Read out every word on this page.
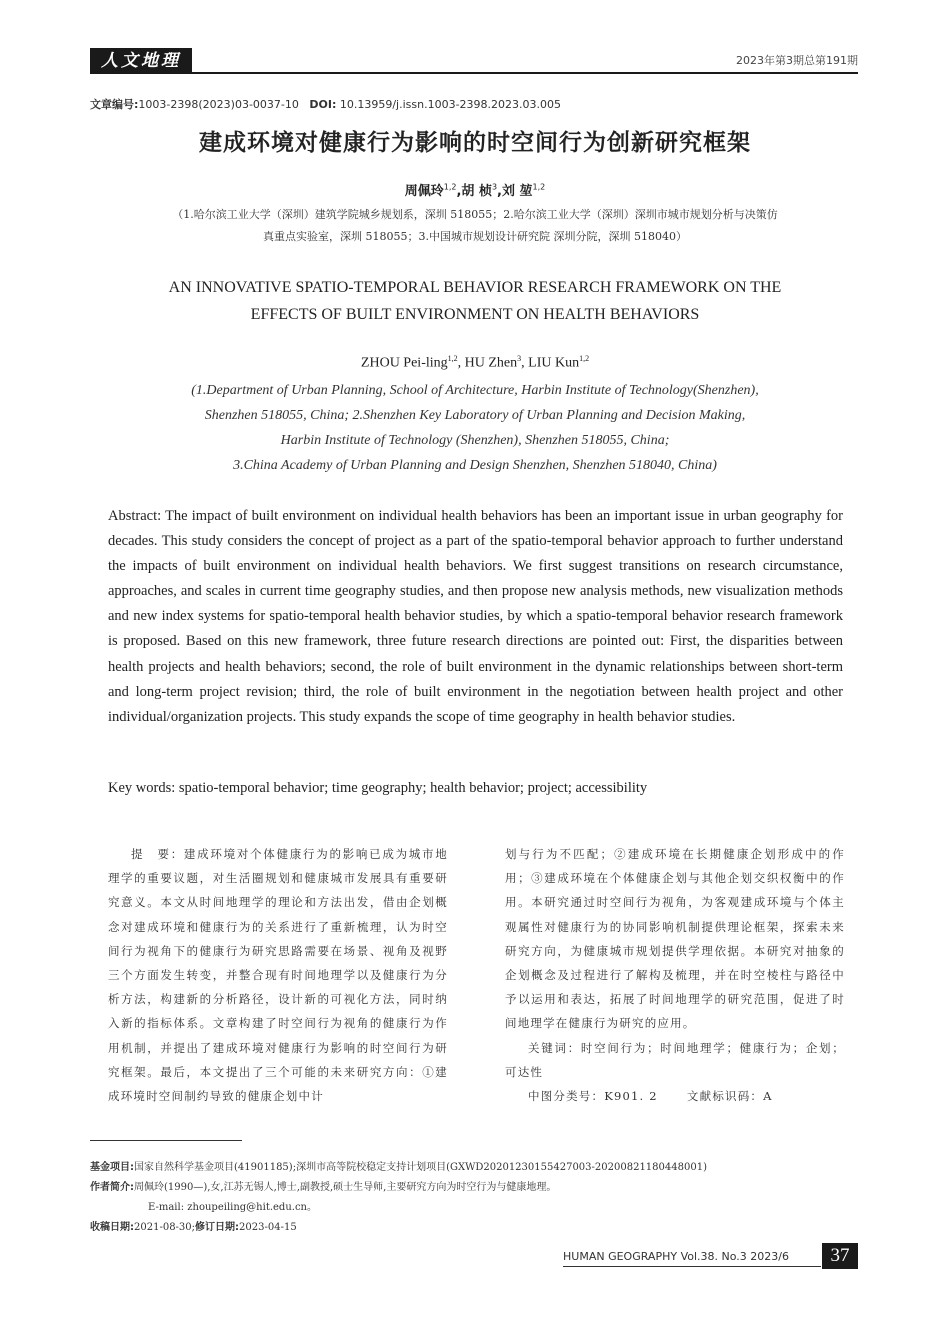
人文地理	2023年第3期总第191期
文章编号:1003-2398(2023)03-0037-10 DOI: 10.13959/j.issn.1003-2398.2023.03.005
建成环境对健康行为影响的时空间行为创新研究框架
周佩玲$^{1,2}$,胡 桢$^3$,刘 堃$^{1,2}$
（1.哈尔滨工业大学（深圳）建筑学院城乡规划系，深圳 518055；2.哈尔滨工业大学（深圳）深圳市城市规划分析与决策仿
真重点实验室，深圳 518055；3.中国城市规划设计研究院 深圳分院，深圳 518040）
AN INNOVATIVE SPATIO-TEMPORAL BEHAVIOR RESEARCH FRAMEWORK ON THE
EFFECTS OF BUILT ENVIRONMENT ON HEALTH BEHAVIORS
ZHOU Pei-ling$^{1,2}$, HU Zhen$^3$, LIU Kun$^{1,2}$
(1.Department of Urban Planning, School of Architecture, Harbin Institute of Technology(Shenzhen),
Shenzhen 518055, China; 2.Shenzhen Key Laboratory of Urban Planning and Decision Making,
Harbin Institute of Technology (Shenzhen), Shenzhen 518055, China;
3.China Academy of Urban Planning and Design Shenzhen, Shenzhen 518040, China)
Abstract: The impact of built environment on individual health behaviors has been an important issue in urban geography for decades. This study considers the concept of project as a part of the spatio-temporal behavior approach to further understand the impacts of built environment on individual health behaviors. We first suggest transitions on research circumstance, approaches, and scales in current time geography studies, and then propose new analysis methods, new visualization methods and new index systems for spatio-temporal health behavior studies, by which a spatio-temporal behavior research framework is proposed. Based on this new framework, three future research directions are pointed out: First, the disparities between health projects and health behaviors; second, the role of built environment in the dynamic relationships between short-term and long-term project revision; third, the role of built environment in the negotiation between health project and other individual/organization projects. This study expands the scope of time geography in health behavior studies.
Key words: spatio-temporal behavior; time geography; health behavior; project; accessibility

提　要：建成环境对个体健康行为的影响已成为城市地理学的重要议题，对生活圈规划和健康城市发展具有重要研究意义。本文从时间地理学的理论和方法出发，借由企划概念对建成环境和健康行为的关系进行了重新梳理，认为时空间行为视角下的健康行为研究思路需要在场景、视角及视野三个方面发生转变，并整合现有时间地理学以及健康行为分析方法，构建新的分析路径，设计新的可视化方法，同时纳入新的指标体系。文章构建了时空间行为视角的健康行为作用机制，并提出了建成环境对健康行为影响的时空间行为研究框架。最后，本文提出了三个可能的未来研究方向：①建成环境时空间制约导致的健康企划中计

划与行为不匹配；②建成环境在长期健康企划形成中的作用；③建成环境在个体健康企划与其他企划交织权衡中的作用。本研究通过时空间行为视角，为客观建成环境与个体主观属性对健康行为的协同影响机制提供理论框架，探索未来研究方向，为健康城市规划提供学理依据。本研究对抽象的企划概念及过程进行了解构及梳理，并在时空棱柱与路径中予以运用和表达，拓展了时间地理学的研究范围，促进了时间地理学在健康行为研究的应用。

关键词：时空间行为；时间地理学；健康行为；企划；可达性

中图分类号：K901. 2	文献标识码：A

基金项目:国家自然科学基金项目(41901185);深圳市高等院校稳定支持计划项目(GXWD20201230155427003-20200821180448001)

作者简介:周佩玲(1990—),女,江苏无锡人,博士,副教授,硕士生导师,主要研究方向为时空行为与健康地理。

E-mail: zhoupeiling@hit.edu.cn。

收稿日期:2021-08-30;修订日期:2023-04-15

HUMAN GEOGRAPHY Vol.38. No.3 2023/6	37
